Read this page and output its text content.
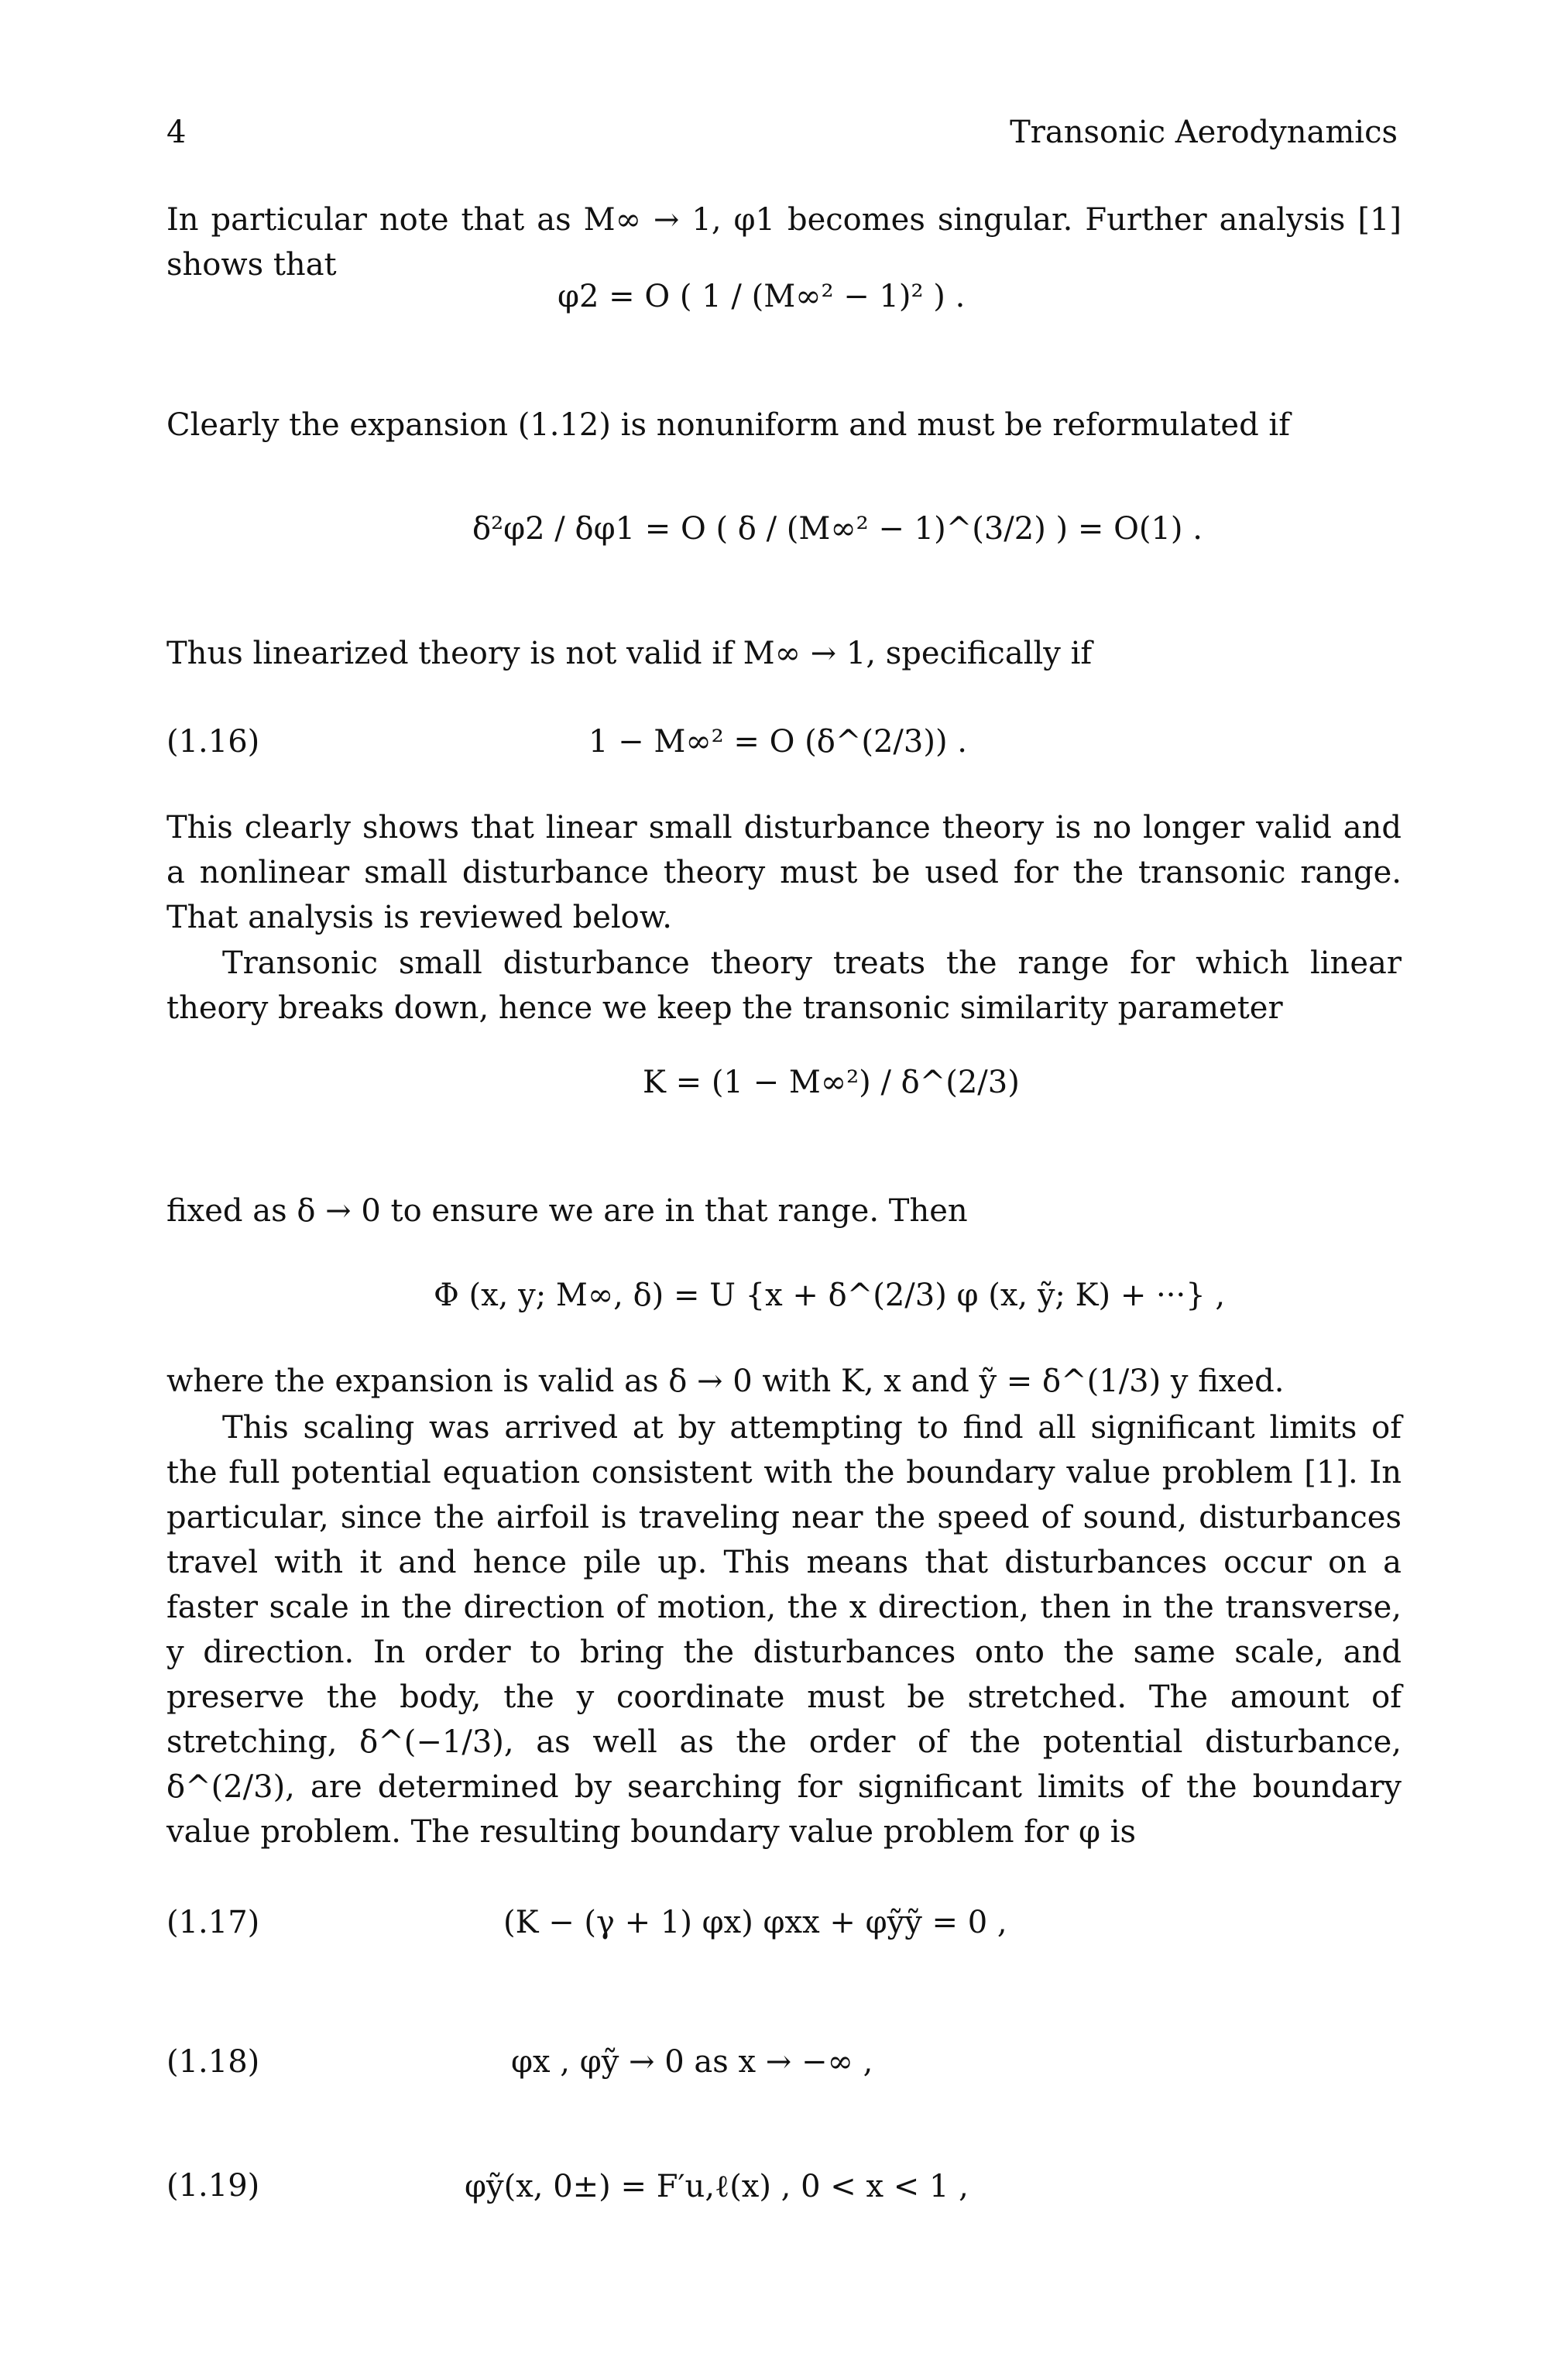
4	Transonic Aerodynamics
In particular note that as M∞ → 1, φ1 becomes singular. Further analysis [1] shows that
φ2 = O ( 1 / (M∞² − 1)² ) .
Clearly the expansion (1.12) is nonuniform and must be reformulated if
δ²φ2 / δφ1 = O ( δ / (M∞² − 1)^(3/2) ) = O(1) .
Thus linearized theory is not valid if M∞ → 1, specifically if
(1.16)	1 − M∞² = O (δ^(2/3)) .
This clearly shows that linear small disturbance theory is no longer valid and a nonlinear small disturbance theory must be used for the transonic range. That analysis is reviewed below.
Transonic small disturbance theory treats the range for which linear theory breaks down, hence we keep the transonic similarity parameter
K = (1 − M∞²) / δ^(2/3)
fixed as δ → 0 to ensure we are in that range. Then
Φ (x, y; M∞, δ) = U {x + δ^(2/3) φ (x, ỹ; K) + ···} ,
where the expansion is valid as δ → 0 with K, x and ỹ = δ^(1/3) y fixed.
This scaling was arrived at by attempting to find all significant limits of the full potential equation consistent with the boundary value problem [1]. In particular, since the airfoil is traveling near the speed of sound, disturbances travel with it and hence pile up. This means that disturbances occur on a faster scale in the direction of motion, the x direction, then in the transverse, y direction. In order to bring the disturbances onto the same scale, and preserve the body, the y coordinate must be stretched. The amount of stretching, δ^(−1/3), as well as the order of the potential disturbance, δ^(2/3), are determined by searching for significant limits of the boundary value problem. The resulting boundary value problem for φ is
(1.17)	(K − (γ + 1) φx) φxx + φỹỹ = 0 ,
(1.18)	φx , φỹ → 0 as x → −∞ ,
(1.19)	φỹ(x, 0±) = F′u,ℓ(x) , 0 < x < 1 ,
